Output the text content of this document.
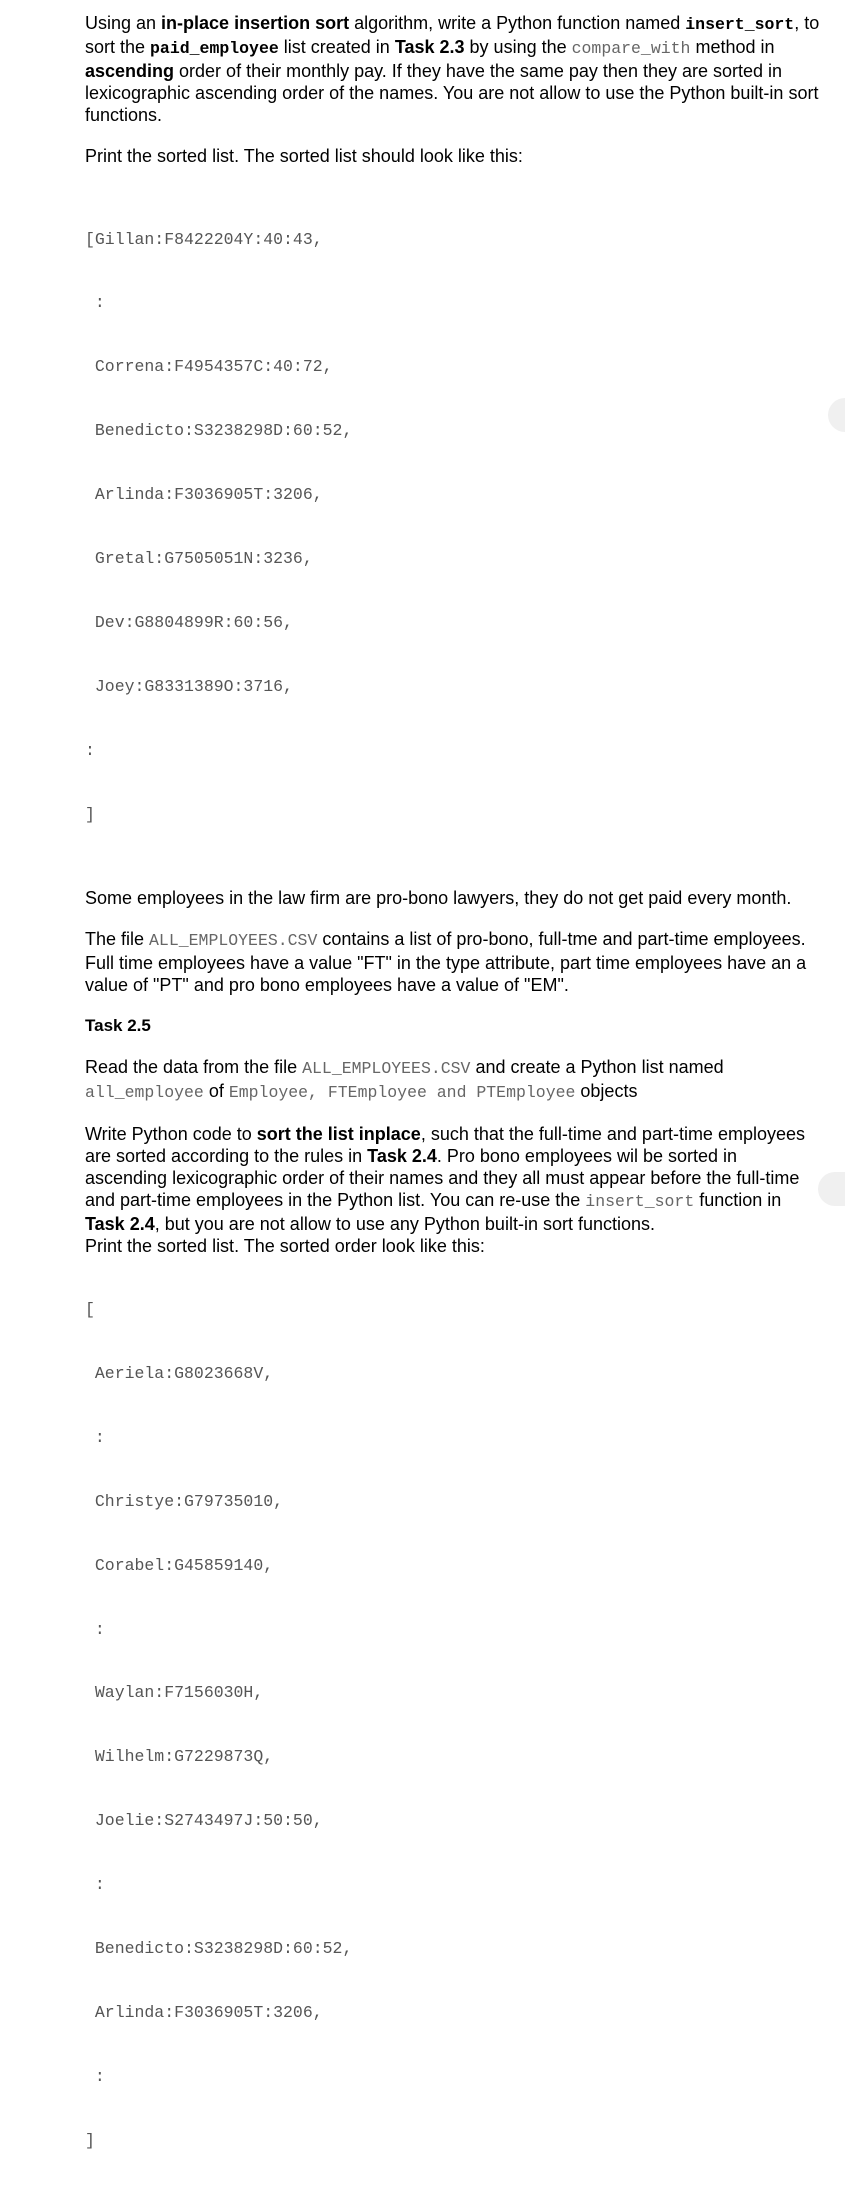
Using an in-place insertion sort algorithm, write a Python function named insert_sort, to sort the paid_employee list created in Task 2.3 by using the compare_with method in ascending order of their monthly pay. If they have the same pay then they are sorted in lexicographic ascending order of the names. You are not allow to use the Python built-in sort functions.

Print the sorted list. The sorted list should look like this:

[Gillan:F8422204Y:40:43,

:

Correna:F4954357C:40:72,

Benedicto:S3238298D:60:52,

Arlinda:F3036905T:3206,

Gretal:G7505051N:3236,

Dev:G8804899R:60:56,

Joey:G8331389O:3716,

:

]

Some employees in the law firm are pro-bono lawyers, they do not get paid every month.

The file ALL_EMPLOYEES.CSV contains a list of pro-bono, full-tme and part-time employees. Full time employees have a value "FT" in the type attribute, part time employees have an a value of "PT" and pro bono employees have a value of "EM".

Task 2.5

Read the data from the file ALL_EMPLOYEES.CSV and create a Python list named all_employee of Employee, FTEmployee and PTEmployee objects

Write Python code to sort the list inplace, such that the full-time and part-time employees are sorted according to the rules in Task 2.4. Pro bono employees wil be sorted in ascending lexicographic order of their names and they all must appear before the full-time and part-time employees in the Python list. You can re-use the insert_sort function in Task 2.4, but you are not allow to use any Python built-in sort functions.

Print the sorted list. The sorted order look like this:

[

Aeriela:G8023668V,

:

Christye:G79735010,

Corabel:G45859140,

:

Waylan:F7156030H,

Wilhelm:G7229873Q,

Joelie:S2743497J:50:50,

:

Benedicto:S3238298D:60:52,

Arlinda:F3036905T:3206,

:

]
